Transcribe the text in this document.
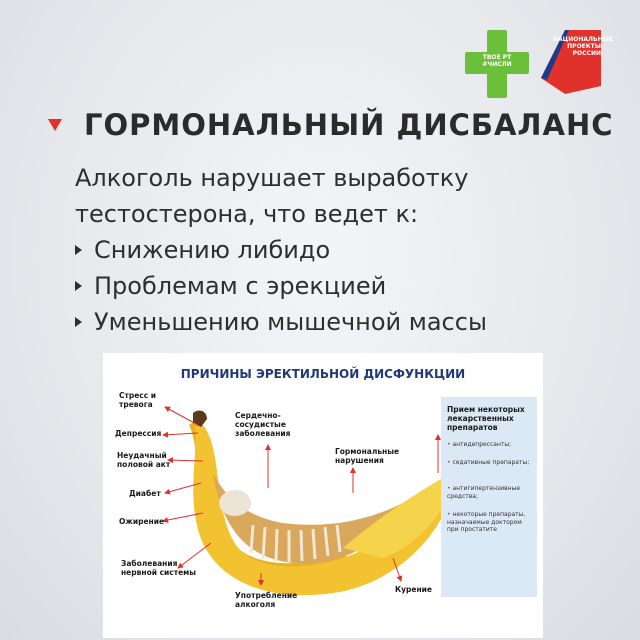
ТВОЕ РТ #ЧИСЛИ
НАЦИОНАЛЬНЫЕ ПРОЕКТЫ РОССИИ
ГОРМОНАЛЬНЫЙ ДИСБАЛАНС
Алкоголь нарушает выработку
тестостерона, что ведет к:
Снижению либидо
Проблемам с эрекцией
Уменьшению мышечной массы
ПРИЧИНЫ ЭРЕКТИЛЬНОЙ ДИСФУНКЦИИ
Стресс и тревога
Депрессия
Неудачный половой акт
Диабет
Ожирение
Заболевания нервной системы
Сердечно-сосудистые заболевания
Гормональные нарушения
Употребление алкоголя
Курение
Прием некоторых лекарственных препаратов
• антидепрессанты;
• седативные препараты;
• антигипертензивные средства;
• некоторые препараты, назначаемые доктором при простатите
